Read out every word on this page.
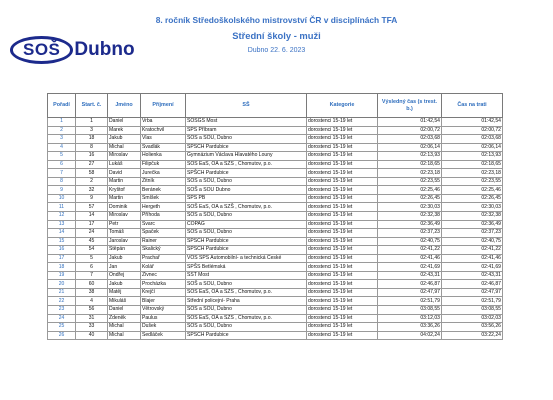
SOŠ Dubno
8. ročník Středoškolského mistrovství ČR v disciplínách TFA
Střední školy - muži
Dubno 22. 6. 2023
Pořadí	Start. č.	Jméno	Příjmení	SŠ	Kategorie	Výsledný čas (s trest. b.)	Čas na trati
1	1	Daniel	Vrba	SOŠGS Most	dorostenci 15-19 let	01:42,54	01:42,54
2	3	Marek	Kratochvil	SPŠ Příbram	dorostenci 15-19 let	02:00,72	02:00,72
3	18	Jakub	Vlas	SOŠ a SOU, Dubno	dorostenci 15-19 let	02:03,68	02:03,68
4	8	Michal	Švadlák	SPŠCH Pardubice	dorostenci 15-19 let	02:06,14	02:06,14
5	16	Miroslav	Holienka	Gymnázium Václava Hlavatého Louny	dorostenci 15-19 let	02:13,93	02:13,93
6	27	Lukáš	Filipčuk	SOŠ EaS, OA a SZŠ , Chomutov, p.o.	dorostenci 15-19 let	02:18,65	02:18,65
7	58	David	Jurečka	SPŠCH Pardubice	dorostenci 15-19 let	02:23,18	02:23,18
8	2	Martin	Žitník	SOŠ a SOU, Dubno	dorostenci 15-19 let	02:23,55	02:23,55
9	32	Kryštof	Beránek	SOŠ a SOU Dubno	dorostenci 15-19 let	02:25,46	02:25,46
10	9	Martin	Smíšek	SPŠ PB	dorostenci 15-19 let	02:26,45	02:26,45
11	57	Dominik	Hergeth	SOŠ EaS, OA a SZŠ , Chomutov, p.o.	dorostenci 15-19 let	02:30,03	02:30,03
12	14	Miroslav	Příhoda	SOŠ a SOU, Dubno	dorostenci 15-19 let	02:32,38	02:32,38
13	17	Petr	Švarc	COPAG	dorostenci 15-19 let	02:36,49	02:36,49
14	24	Tomáš	Špaček	SOŠ a SOU, Dubno	dorostenci 15-19 let	02:37,23	02:37,23
15	45	Jaroslav	Rainer	SPŠCH Pardubice	dorostenci 15-19 let	02:40,75	02:40,75
16	54	Štěpán	Skalický	SPŠCH Pardubice	dorostenci 15-19 let	02:41,22	02:41,22
17	5	Jakub	Prachař	VOŠ SPŠ Automobilní- a technická České	dorostenci 15-19 let	02:41,46	02:41,46
18	6	Jan	Kolář	SPŠS Betlémská	dorostenci 15-19 let	02:41,69	02:41,69
19	7	Ondřej	Živnec	SŠT Most	dorostenci 15-19 let	02:43,31	02:43,31
20	60	Jakub	Procházka	SOŠ a SOU, Dubno	dorostenci 15-19 let	02:46,87	02:46,87
21	38	Matěj	Krejčí	SOŠ EaS, OA a SZŠ , Chomutov, p.o.	dorostenci 15-19 let	02:47,97	02:47,97
22	4	Mikuláš	Blajer	Střední policejní- Praha	dorostenci 15-19 let	02:51,79	02:51,79
23	56	Daniel	Větrovský	SOŠ a SOU, Dubno	dorostenci 15-19 let	03:08,55	03:08,55
24	31	Zdeněk	Paulus	SOŠ EaS, OA a SZŠ , Chomutov, p.o.	dorostenci 15-19 let	03:12,03	03:02,03
25	33	Michal	Dušek	SOŠ a SOU, Dubno	dorostenci 15-19 let	03:36,26	03:56,26
26	40	Michal	Sedláček	SPŠCH Pardubice	dorostenci 15-19 let	04:02,24	03:22,24
